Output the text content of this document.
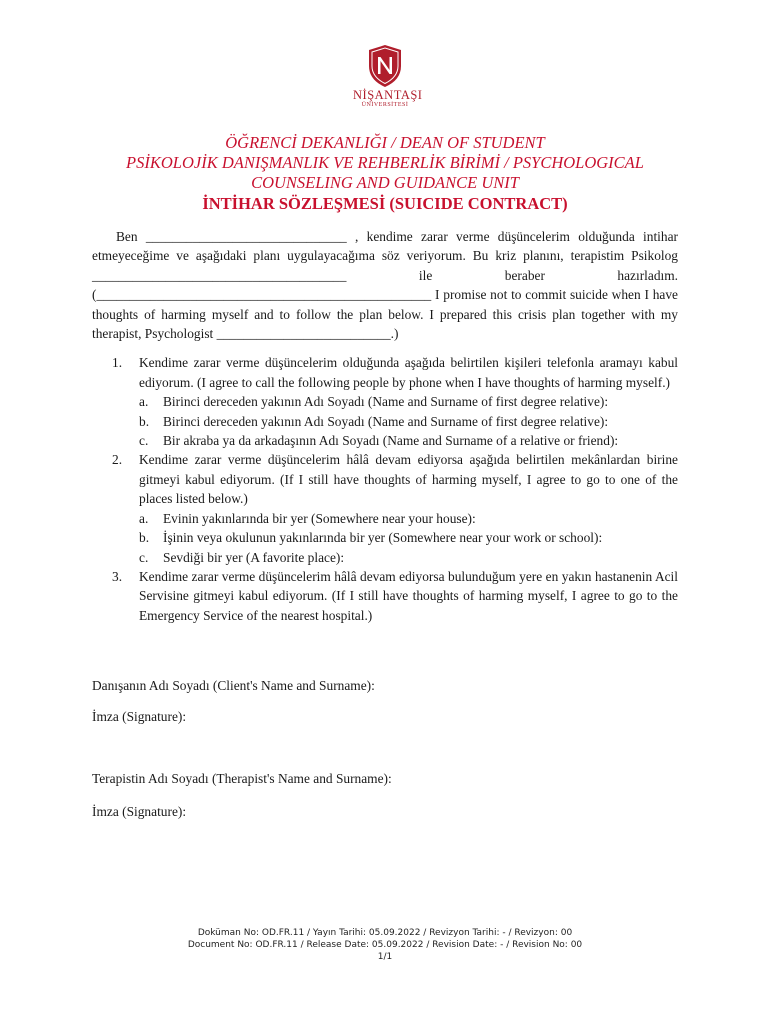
NİŞANTAŞI
ÜNİVERSİTESİ
ÖĞRENCİ DEKANLIĞI / DEAN OF STUDENT
PSİKOLOJİK DANIŞMANLIK VE REHBERLİK BİRİMİ / PSYCHOLOGICAL
COUNSELING AND GUIDANCE UNIT
İNTİHAR SÖZLEŞMESİ (SUICIDE CONTRACT)

Ben ______________________________ , kendime zarar verme düşüncelerim olduğunda intihar etmeyeceğime ve aşağıdaki planı uygulayacağıma söz veriyorum. Bu kriz planını, terapistim Psikolog ______________________________________ ile beraber hazırladım. (__________________________________________________ I promise not to commit suicide when I have thoughts of harming myself and to follow the plan below. I prepared this crisis plan together with my therapist, Psychologist __________________________.)

1. Kendime zarar verme düşüncelerim olduğunda aşağıda belirtilen kişileri telefonla aramayı kabul ediyorum. (I agree to call the following people by phone when I have thoughts of harming myself.)
a. Birinci dereceden yakının Adı Soyadı (Name and Surname of first degree relative):
b. Birinci dereceden yakının Adı Soyadı (Name and Surname of first degree relative):
c. Bir akraba ya da arkadaşının Adı Soyadı (Name and Surname of a relative or friend):
2. Kendime zarar verme düşüncelerim hâlâ devam ediyorsa aşağıda belirtilen mekânlardan birine gitmeyi kabul ediyorum. (If I still have thoughts of harming myself, I agree to go to one of the places listed below.)
a. Evinin yakınlarında bir yer (Somewhere near your house):
b. İşinin veya okulunun yakınlarında bir yer (Somewhere near your work or school):
c. Sevdiği bir yer (A favorite place):
3. Kendime zarar verme düşüncelerim hâlâ devam ediyorsa bulunduğum yere en yakın hastanenin Acil Servisine gitmeyi kabul ediyorum. (If I still have thoughts of harming myself, I agree to go to the Emergency Service of the nearest hospital.)
Danışanın Adı Soyadı (Client's Name and Surname):
İmza (Signature):
Terapistin Adı Soyadı (Therapist's Name and Surname):
İmza (Signature):
Doküman No: OD.FR.11 / Yayın Tarihi: 05.09.2022 / Revizyon Tarihi: - / Revizyon: 00
Document No: OD.FR.11 / Release Date: 05.09.2022 / Revision Date: - / Revision No: 00
1/1
